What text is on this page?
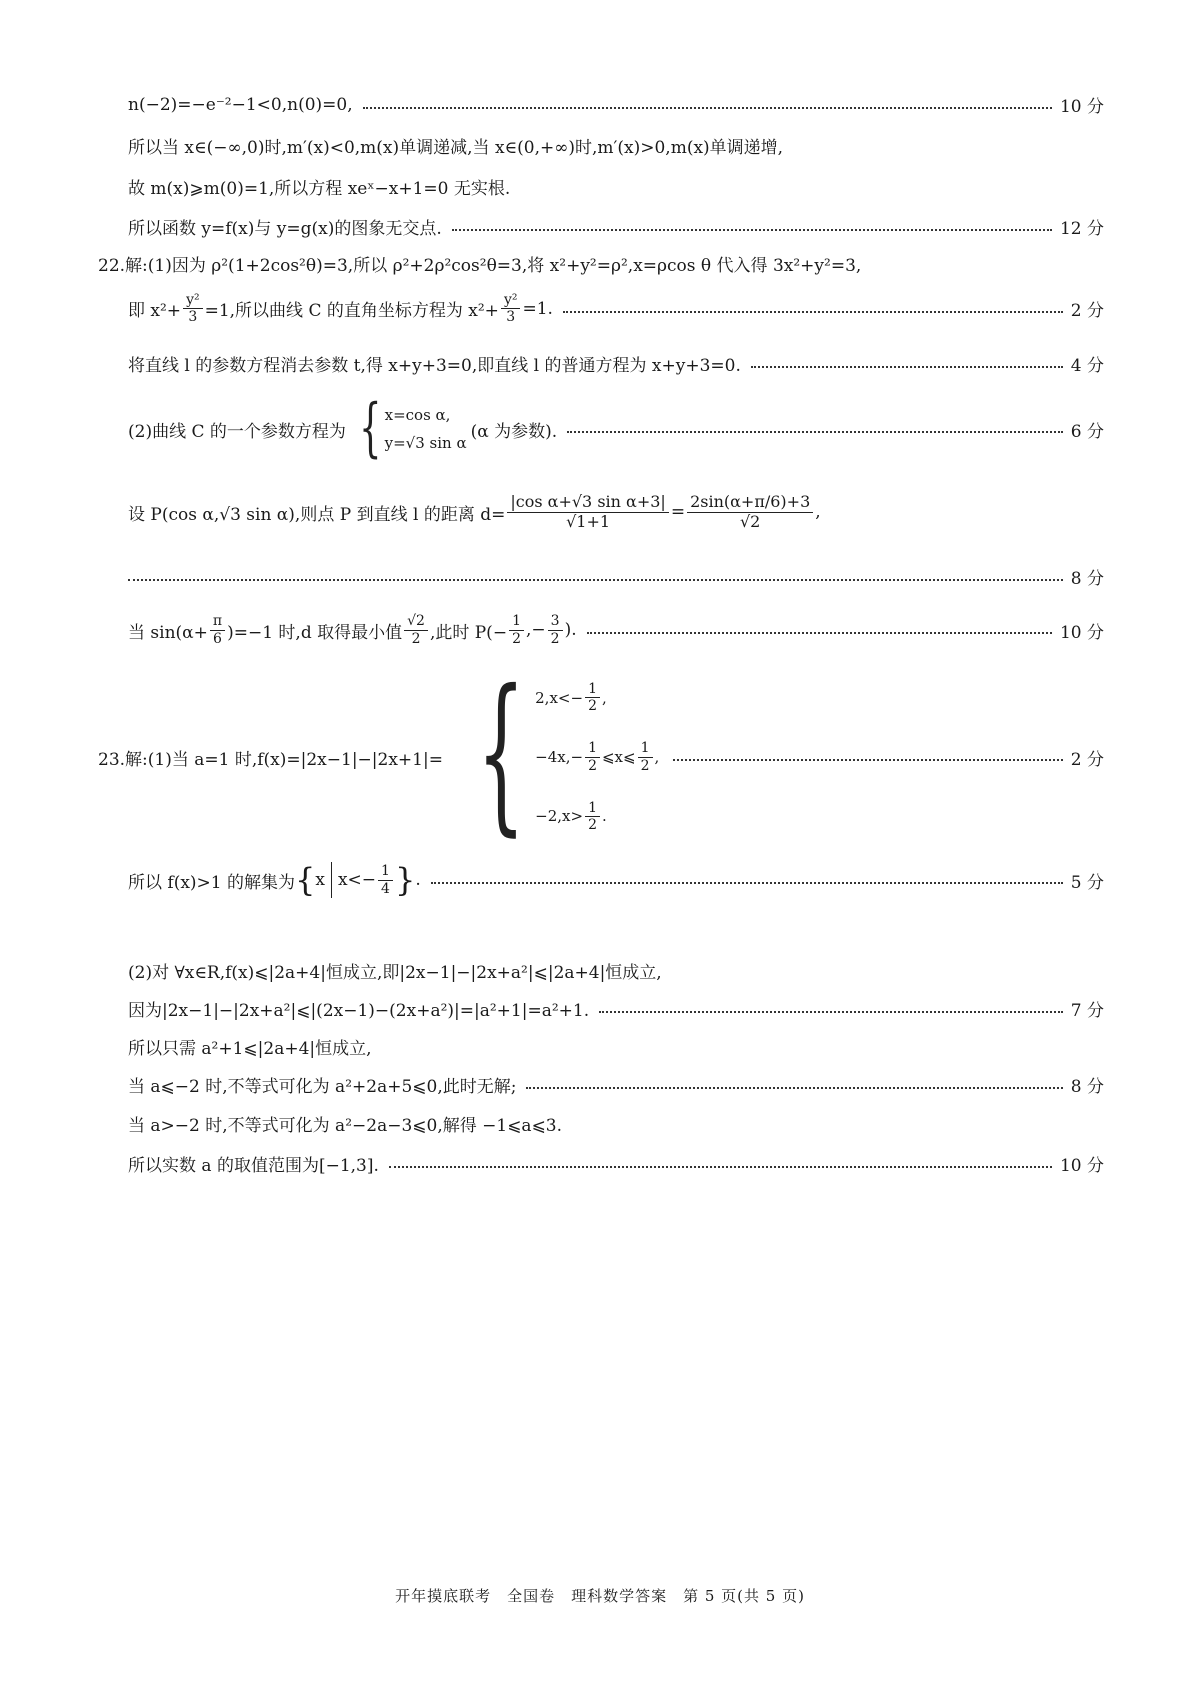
n(−2)=−e⁻²−1<0,n(0)=0,	10 分
所以当 x∈(−∞,0)时,m′(x)<0,m(x)单调递减,当 x∈(0,+∞)时,m′(x)>0,m(x)单调递增,
故 m(x)⩾m(0)=1,所以方程 xeˣ−x+1=0 无实根.
所以函数 y=f(x)与 y=g(x)的图象无交点.	12 分
22.解:(1)因为 ρ²(1+2cos²θ)=3,所以 ρ²+2ρ²cos²θ=3,将 x²+y²=ρ²,x=ρcos θ 代入得 3x²+y²=3,
即 $x^2+ \frac{\text{y²}}{3} =1$,所以曲线 C 的直角坐标方程为 $x^2+ \frac{\text{y²}}{3} =1$.	2 分
将直线 l 的参数方程消去参数 t,得 x+y+3=0,即直线 l 的普通方程为 x+y+3=0.	4 分
(2)曲线 C 的一个参数方程为 { x=cos α,
y=√3 sin α
(α 为参数).	6 分
设 P(cos α,√3 sin α),则点 P 到直线 l 的距离 $d= \frac{\text{|cos α+√3 sin α+3|}}{√1+1} = \frac{2\sin(\alpha+\pi/6)+3}{√2}$ ,
8 分
当 $\sin(\alpha+ \frac{\pi}{6} )=-1$ 时,d 取得最小值 $\frac{√2}{2}$ ,此时 $P(- \frac{1}{2}$ ,− $\frac{3}{2}$ ).	10 分
23.解:(1)当 a=1 时,f(x)=|2x−1|−|2x+1|= { $2,x<- \frac{1}{2}$ ,
$-4x,- \frac{1}{2}$ ⩽x⩽ $\frac{1}{2}$ ,
$-2,x> \frac{1}{2}$ .
2 分
所以 f(x)>1 的解集为 { x $x<- \frac{1}{4}$ } .	5 分
(2)对 ∀x∈R,f(x)⩽|2a+4|恒成立,即|2x−1|−|2x+a²|⩽|2a+4|恒成立,
因为|2x−1|−|2x+a²|⩽|(2x−1)−(2x+a²)|=|a²+1|=a²+1.	7 分
所以只需 a²+1⩽|2a+4|恒成立,
当 a⩽−2 时,不等式可化为 a²+2a+5⩽0,此时无解;	8 分
当 a>−2 时,不等式可化为 a²−2a−3⩽0,解得 −1⩽a⩽3.
所以实数 a 的取值范围为[−1,3].	10 分
开年摸底联考　全国卷　理科数学答案　第 5 页(共 5 页)
